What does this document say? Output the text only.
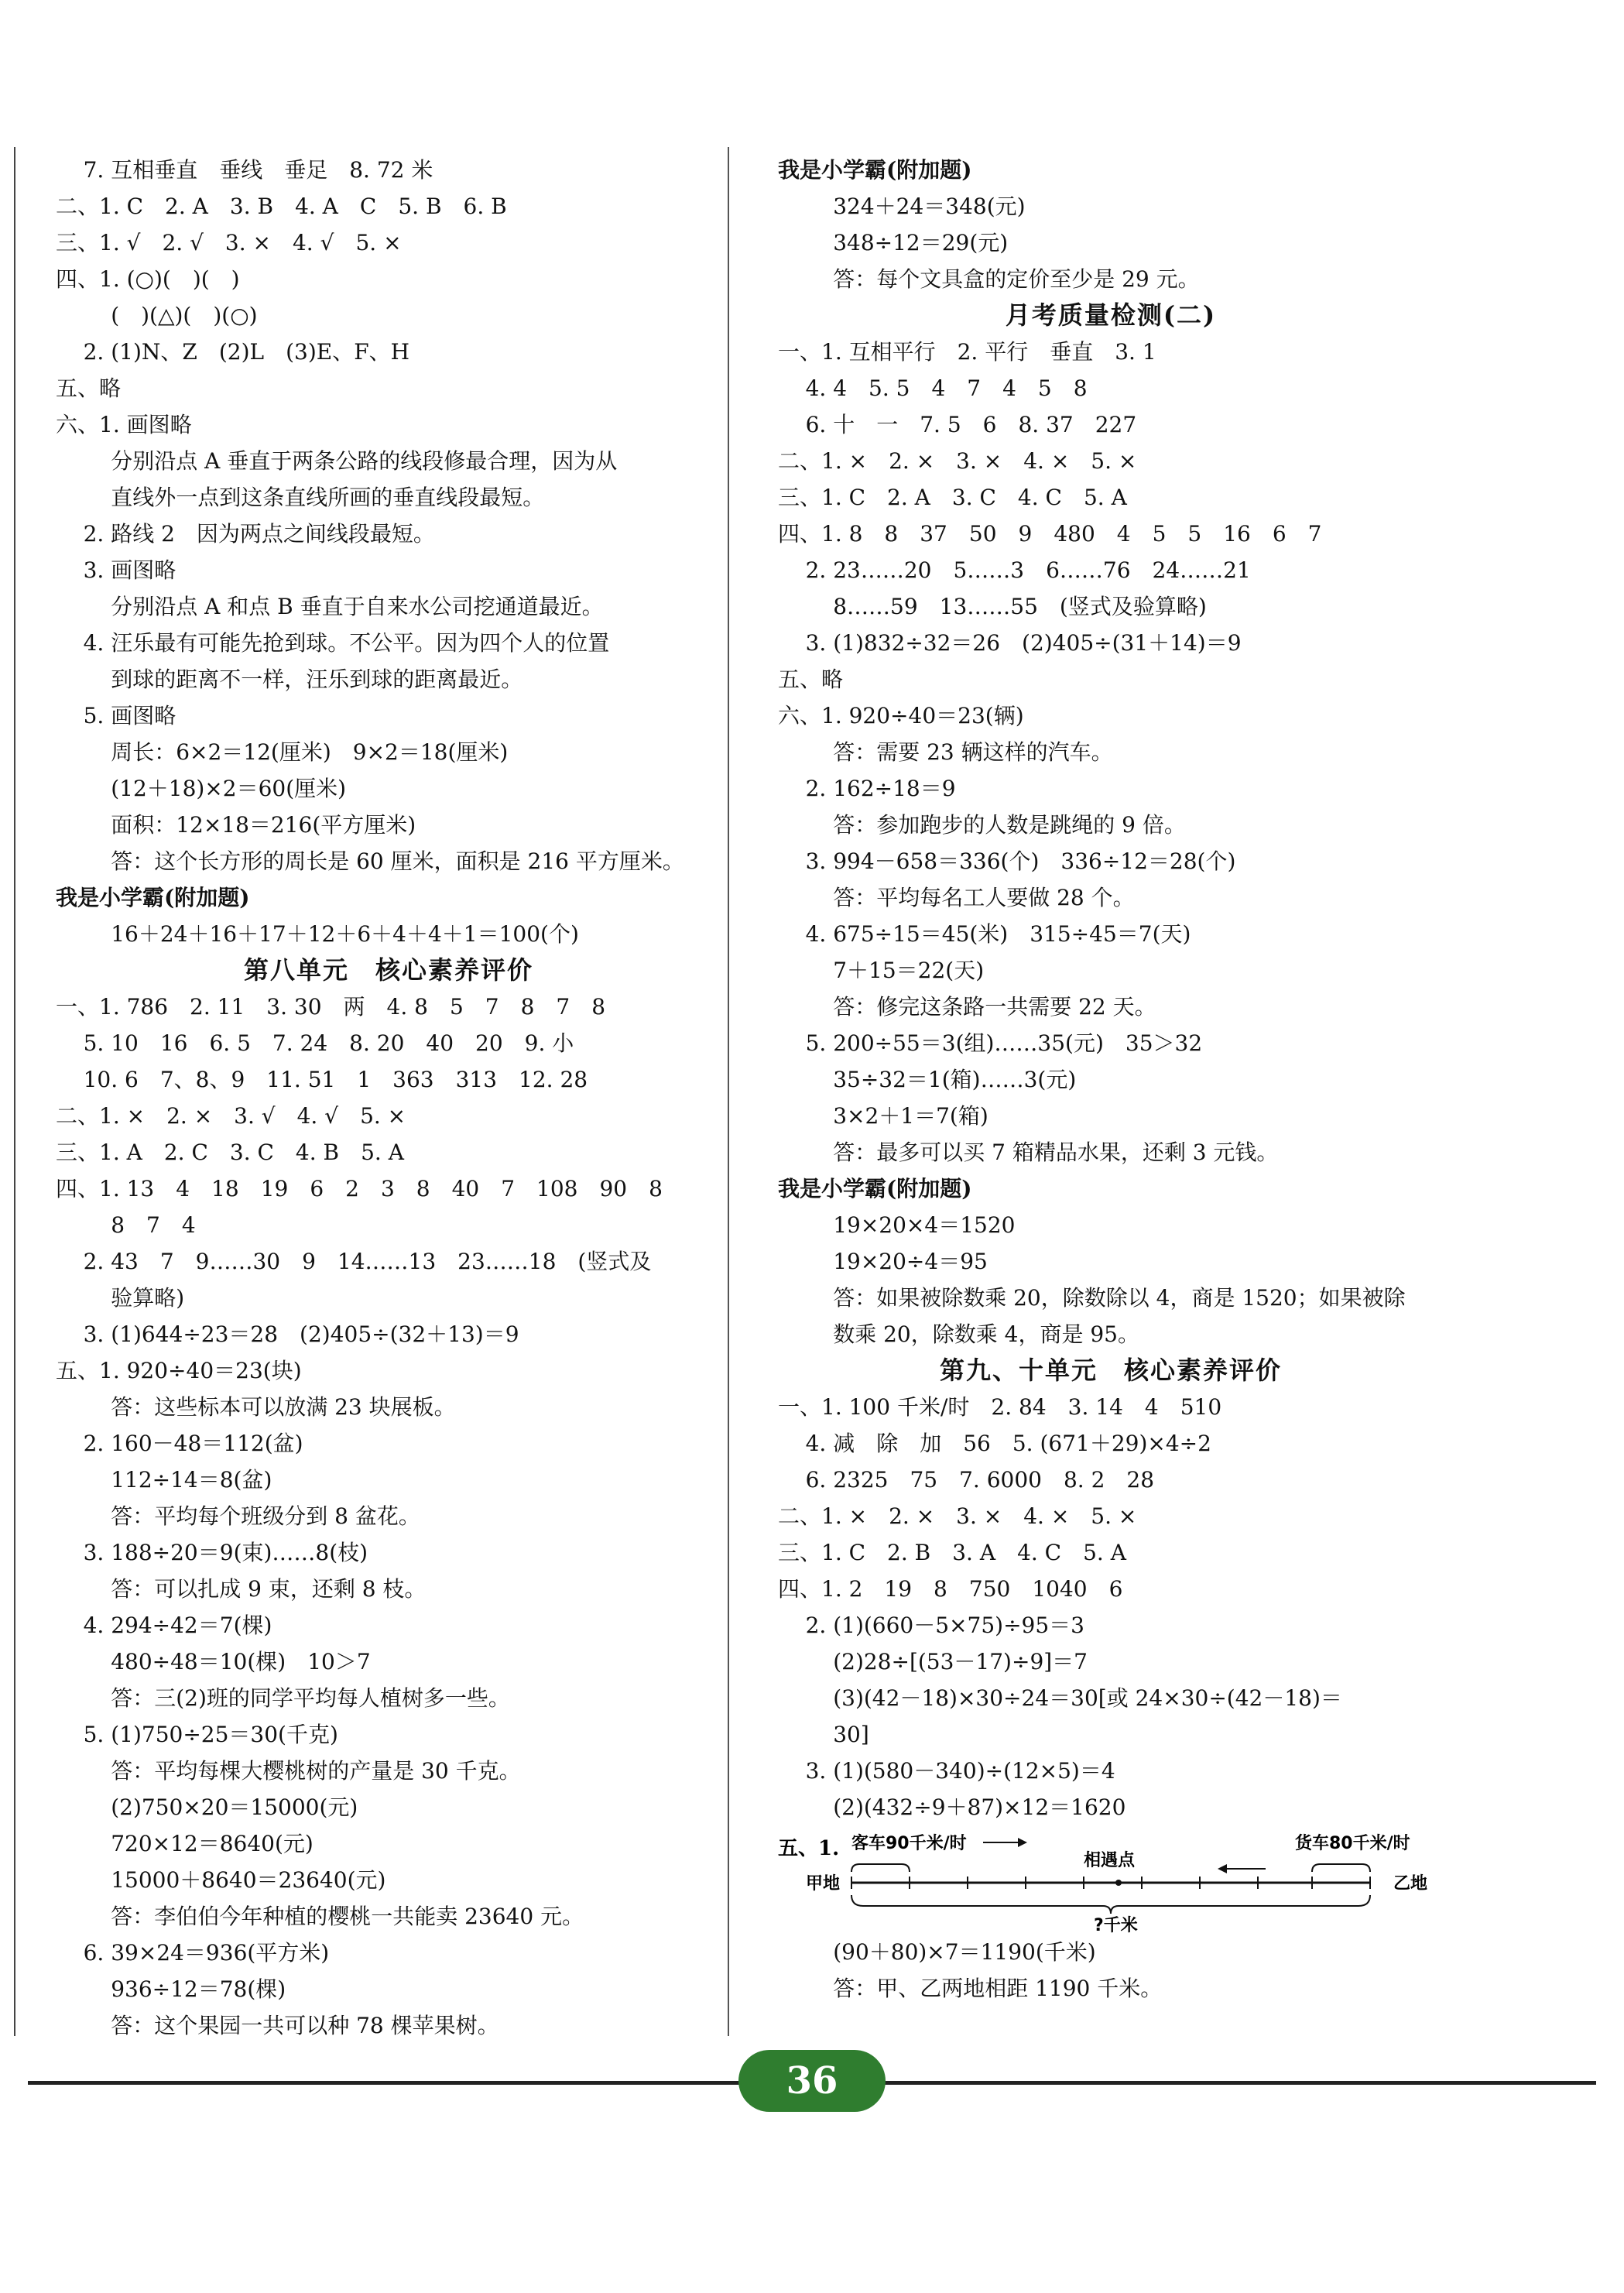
7. 互相垂直　垂线　垂足　8. 72 米
二、1. C　2. A　3. B　4. A　C　5. B　6. B
三、1. √　2. √　3. ×　4. √　5. ×
四、1. (○)(　)(　)
(　)(△)(　)(○)
2. (1)N、Z　(2)L　(3)E、F、H
五、略
六、1. 画图略
分别沿点 A 垂直于两条公路的线段修最合理，因为从
直线外一点到这条直线所画的垂直线段最短。
2. 路线 2　因为两点之间线段最短。
3. 画图略
分别沿点 A 和点 B 垂直于自来水公司挖通道最近。
4. 汪乐最有可能先抢到球。不公平。因为四个人的位置
到球的距离不一样，汪乐到球的距离最近。
5. 画图略
周长：6×2＝12(厘米)　9×2＝18(厘米)
(12＋18)×2＝60(厘米)
面积：12×18＝216(平方厘米)
答：这个长方形的周长是 60 厘米，面积是 216 平方厘米。
我是小学霸(附加题)
16＋24＋16＋17＋12＋6＋4＋4＋1＝100(个)
第八单元　核心素养评价
一、1. 786　2. 11　3. 30　两　4. 8　5　7　8　7　8
5. 10　16　6. 5　7. 24　8. 20　40　20　9. 小
10. 6　7、8、9　11. 51　1　363　313　12. 28
二、1. ×　2. ×　3. √　4. √　5. ×
三、1. A　2. C　3. C　4. B　5. A
四、1. 13　4　18　19　6　2　3　8　40　7　108　90　8
8　7　4
2. 43　7　9……30　9　14……13　23……18　(竖式及
验算略)
3. (1)644÷23＝28　(2)405÷(32＋13)＝9
五、1. 920÷40＝23(块)
答：这些标本可以放满 23 块展板。
2. 160－48＝112(盆)
112÷14＝8(盆)
答：平均每个班级分到 8 盆花。
3. 188÷20＝9(束)……8(枝)
答：可以扎成 9 束，还剩 8 枝。
4. 294÷42＝7(棵)
480÷48＝10(棵)　10＞7
答：三(2)班的同学平均每人植树多一些。
5. (1)750÷25＝30(千克)
答：平均每棵大樱桃树的产量是 30 千克。
(2)750×20＝15000(元)
720×12＝8640(元)
15000＋8640＝23640(元)
答：李伯伯今年种植的樱桃一共能卖 23640 元。
6. 39×24＝936(平方米)
936÷12＝78(棵)
答：这个果园一共可以种 78 棵苹果树。
我是小学霸(附加题)
324＋24＝348(元)
348÷12＝29(元)
答：每个文具盒的定价至少是 29 元。
月考质量检测(二)
一、1. 互相平行　2. 平行　垂直　3. 1
4. 4　5. 5　4　7　4　5　8
6. 十　一　7. 5　6　8. 37　227
二、1. ×　2. ×　3. ×　4. ×　5. ×
三、1. C　2. A　3. C　4. C　5. A
四、1. 8　8　37　50　9　480　4　5　5　16　6　7
2. 23……20　5……3　6……76　24……21
8……59　13……55　(竖式及验算略)
3. (1)832÷32＝26　(2)405÷(31＋14)＝9
五、略
六、1. 920÷40＝23(辆)
答：需要 23 辆这样的汽车。
2. 162÷18＝9
答：参加跑步的人数是跳绳的 9 倍。
3. 994－658＝336(个)　336÷12＝28(个)
答：平均每名工人要做 28 个。
4. 675÷15＝45(米)　315÷45＝7(天)
7＋15＝22(天)
答：修完这条路一共需要 22 天。
5. 200÷55＝3(组)……35(元)　35＞32
35÷32＝1(箱)……3(元)
3×2＋1＝7(箱)
答：最多可以买 7 箱精品水果，还剩 3 元钱。
我是小学霸(附加题)
19×20×4＝1520
19×20÷4＝95
答：如果被除数乘 20，除数除以 4，商是 1520；如果被除
数乘 20，除数乘 4，商是 95。
第九、十单元　核心素养评价
一、1. 100 千米/时　2. 84　3. 14　4　510
4. 减　除　加　56　5. (671＋29)×4÷2
6. 2325　75　7. 6000　8. 2　28
二、1. ×　2. ×　3. ×　4. ×　5. ×
三、1. C　2. B　3. A　4. C　5. A
四、1. 2　19　8　750　1040　6
2. (1)(660－5×75)÷95＝3
(2)28÷[(53－17)÷9]＝7
(3)(42－18)×30÷24＝30[或 24×30÷(42－18)＝
30]
3. (1)(580－340)÷(12×5)＝4
(2)(432÷9＋87)×12＝1620
五、1. 客车90千米/时	货车80千米/时
相遇点
甲地	乙地
?千米
(90＋80)×7＝1190(千米)
答：甲、乙两地相距 1190 千米。
36
